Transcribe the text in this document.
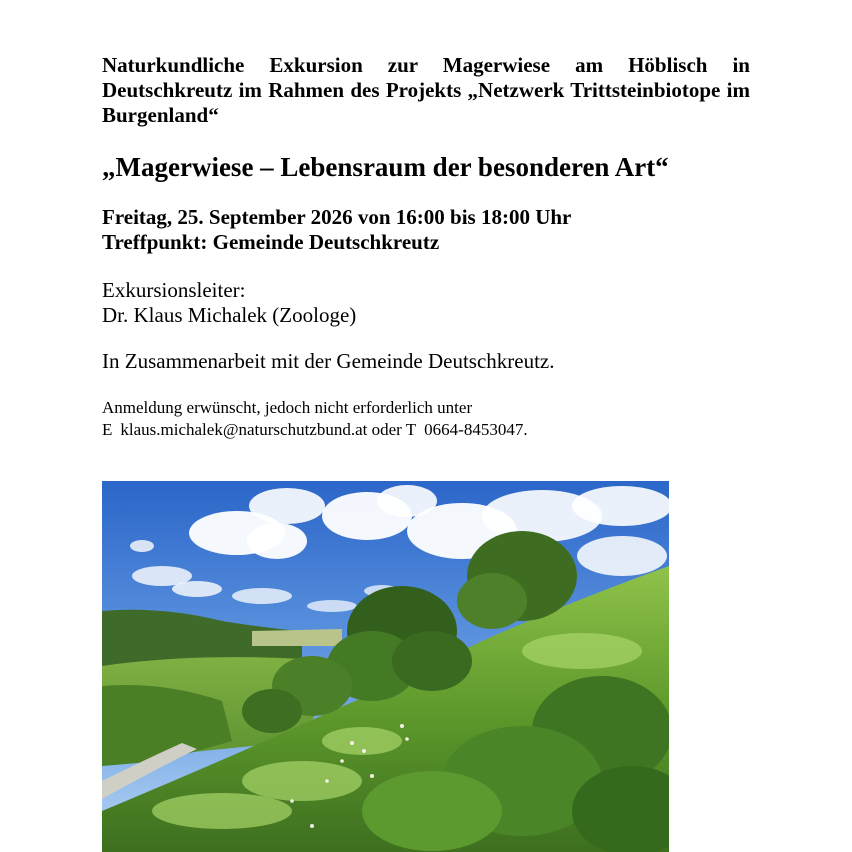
Naturkundliche Exkursion zur Magerwiese am Höblisch in Deutschkreutz im Rahmen des Projekts „Netzwerk Trittsteinbiotope im Burgenland“
„Magerwiese – Lebensraum der besonderen Art“
Freitag, 25. September 2026 von 16:00 bis 18:00 Uhr
Treffpunkt: Gemeinde Deutschkreutz
Exkursionsleiter:
Dr. Klaus Michalek (Zoologe)
In Zusammenarbeit mit der Gemeinde Deutschkreutz.
Anmeldung erwünscht, jedoch nicht erforderlich unter
E klaus.michalek@naturschutzbund.at oder T 0664-8453047.
